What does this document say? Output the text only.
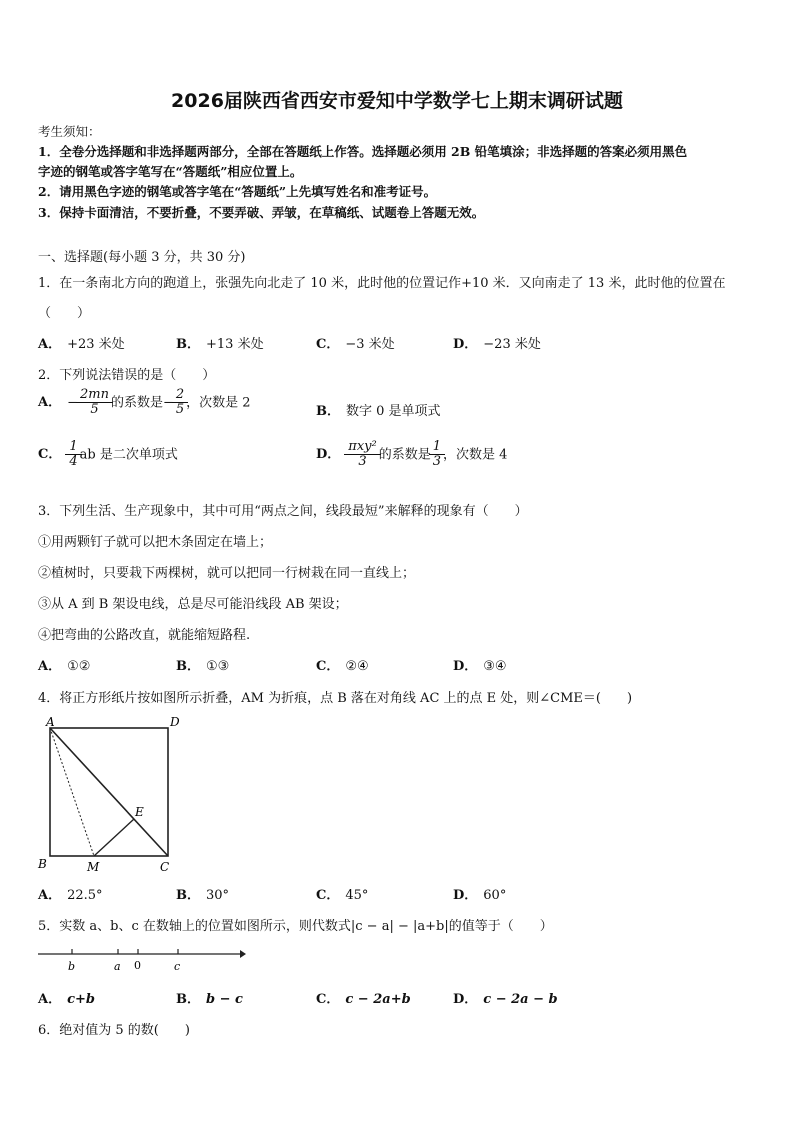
2026届陕西省西安市爱知中学数学七上期末调研试题
考生须知：
1．全卷分选择题和非选择题两部分，全部在答题纸上作答。选择题必须用 2B 铅笔填涂；非选择题的答案必须用黑色
字迹的钢笔或答字笔写在“答题纸”相应位置上。
2．请用黑色字迹的钢笔或答字笔在“答题纸”上先填写姓名和准考证号。
3．保持卡面清洁，不要折叠，不要弄破、弄皱，在草稿纸、试题卷上答题无效。
一、选择题(每小题 3 分，共 30 分)
1．在一条南北方向的跑道上，张强先向北走了 10 米，此时他的位置记作+10 米．又向南走了 13 米，此时他的位置在
（　　）
A． +23 米处	B． +13 米处	C． −3 米处	D． −23 米处
2．下列说法错误的是（　　）
A． − $\frac{2mn}{5}$ 的系数是− $\frac{2}{5}$ ，次数是 2
B． 数字 0 是单项式
C． $\frac{1}{4}$ ab 是二次单项式	D． $\frac{\text{πxy²}}{3}$ 的系数是 $\frac{1}{3}$ ，次数是 4
3．下列生活、生产现象中，其中可用“两点之间，线段最短”来解释的现象有（　　）
①用两颗钉子就可以把木条固定在墙上；
②植树时，只要栽下两棵树，就可以把同一行树栽在同一直线上；
③从 A 到 B 架设电线，总是尽可能沿线段 AB 架设；
④把弯曲的公路改直，就能缩短路程.
A． ①②	B． ①③	C． ②④	D． ③④
4．将正方形纸片按如图所示折叠，AM 为折痕，点 B 落在对角线 AC 上的点 E 处，则∠CME＝(　　)
A	D
B	C
E
M
A． 22.5°	B． 30°	C． 45°	D． 60°
5．实数 a、b、c 在数轴上的位置如图所示，则代数式|c − a| − |a+b|的值等于（　　）
b	a 0	c
A． c+b	B． b − c	C． c − 2a+b	D． c − 2a − b
6．绝对值为 5 的数(　　)
